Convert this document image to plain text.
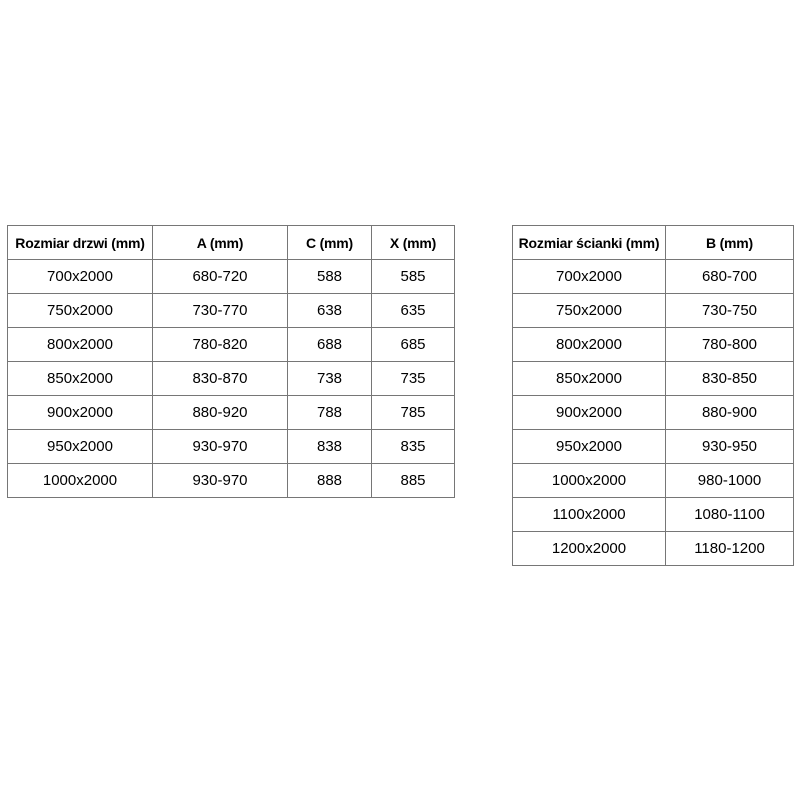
Rozmiar drzwi (mm)	A (mm)	C (mm)	X (mm)
700x2000	680-720	588	585
750x2000	730-770	638	635
800x2000	780-820	688	685
850x2000	830-870	738	735
900x2000	880-920	788	785
950x2000	930-970	838	835
1000x2000	930-970	888	885
Rozmiar ścianki (mm)	B (mm)
700x2000	680-700
750x2000	730-750
800x2000	780-800
850x2000	830-850
900x2000	880-900
950x2000	930-950
1000x2000	980-1000
1100x2000	1080-1100
1200x2000	1180-1200
